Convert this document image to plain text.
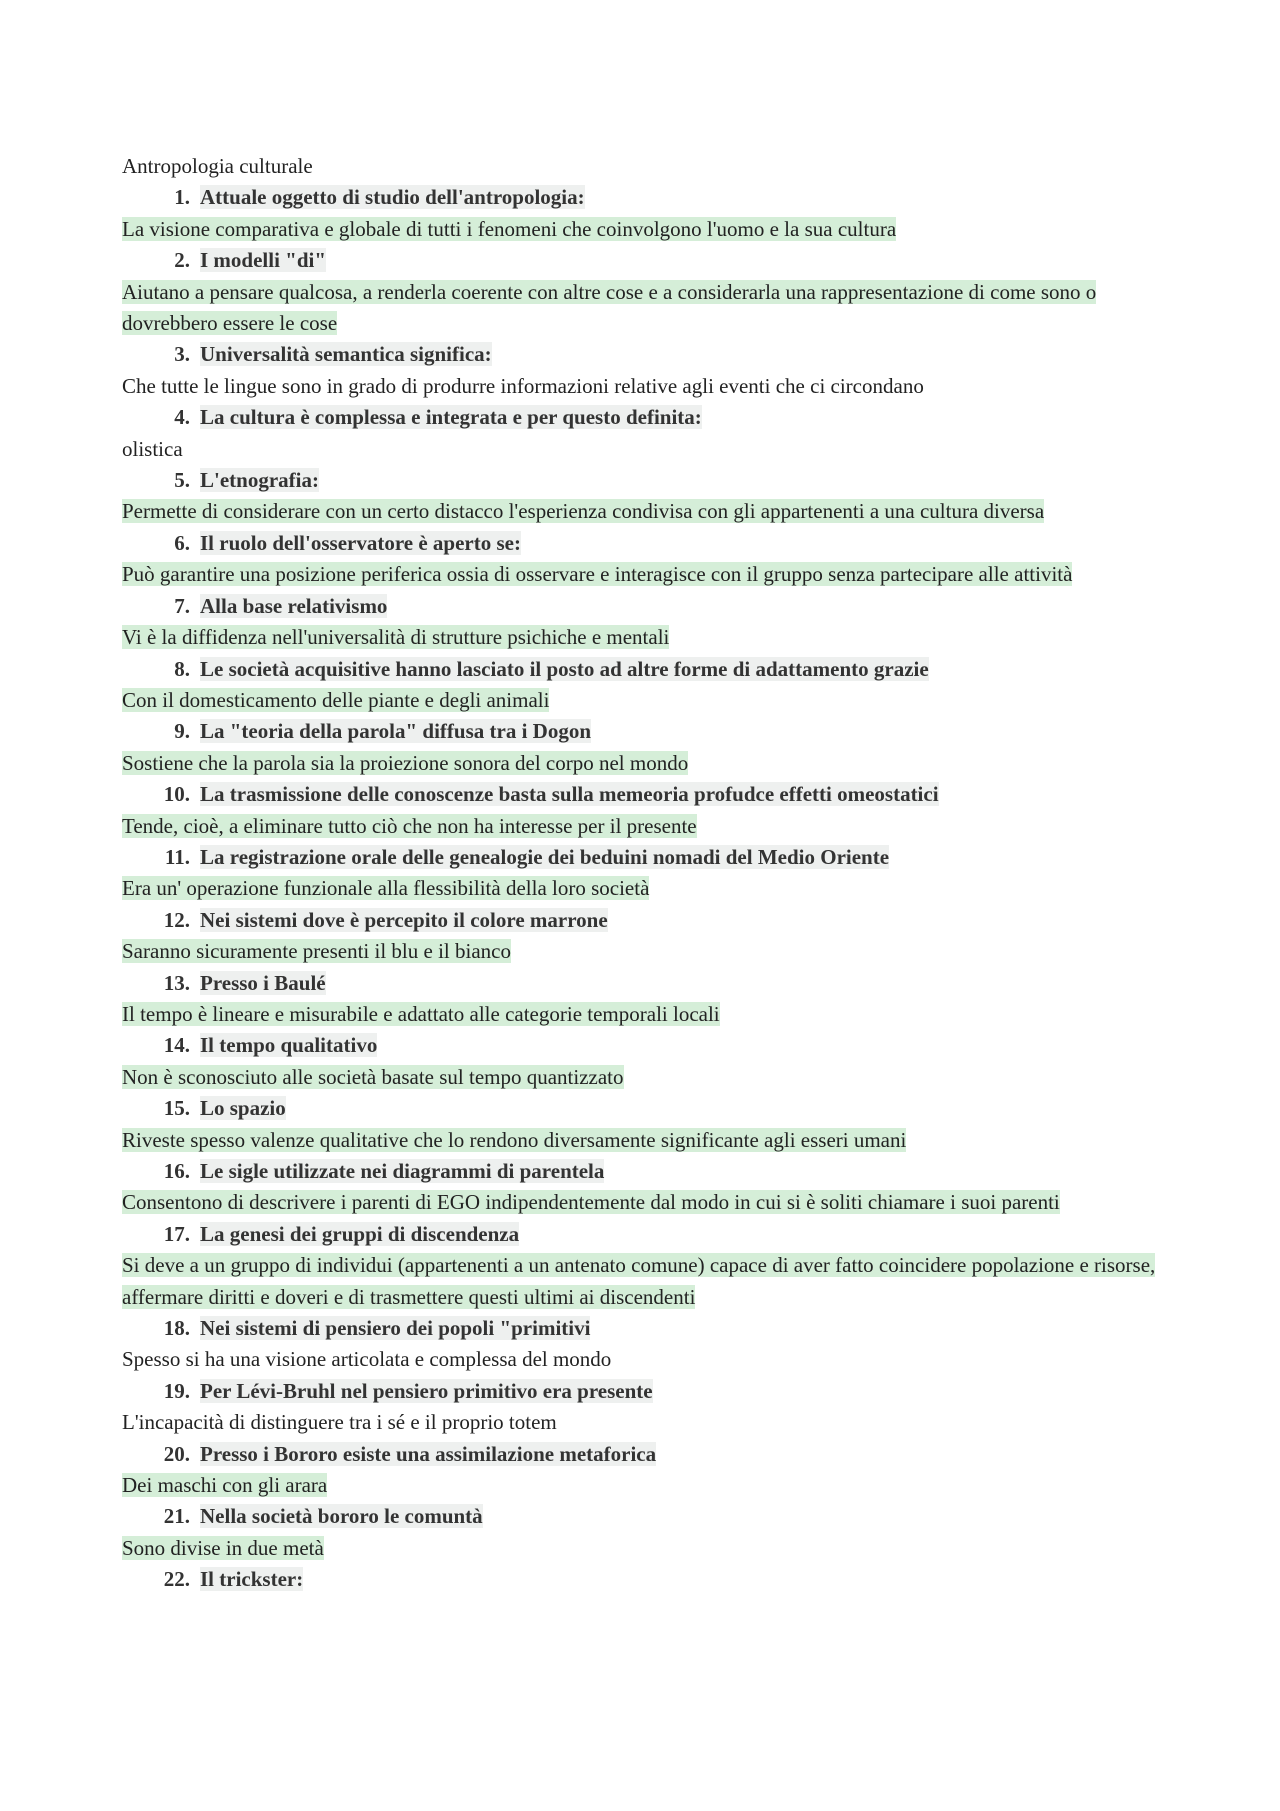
Antropologia culturale
1. Attuale oggetto di studio dell'antropologia:
La visione comparativa e globale di tutti i fenomeni che coinvolgono l'uomo e la sua cultura
2. I modelli "di"
Aiutano a pensare qualcosa, a renderla coerente con altre cose e a considerarla una rappresentazione di come sono o dovrebbero essere le cose
3. Universalità semantica significa:
Che tutte le lingue sono in grado di produrre informazioni relative agli eventi che ci circondano
4. La cultura è complessa e integrata e per questo definita:
olistica
5. L'etnografia:
Permette di considerare con un certo distacco l'esperienza condivisa con gli appartenenti a una cultura diversa
6. Il ruolo dell'osservatore è aperto se:
Può garantire una posizione periferica ossia di osservare e interagisce con il gruppo senza partecipare alle attività
7. Alla base relativismo
Vi è la diffidenza nell'universalità di strutture psichiche e mentali
8. Le società acquisitive hanno lasciato il posto ad altre forme di adattamento grazie
Con il domesticamento delle piante e degli animali
9. La "teoria della parola" diffusa tra i Dogon
Sostiene che la parola sia la proiezione sonora del corpo nel mondo
10. La trasmissione delle conoscenze basta sulla memeoria profudce effetti omeostatici
Tende, cioè, a eliminare tutto ciò che non ha interesse per il presente
11. La registrazione orale delle genealogie dei beduini nomadi del Medio Oriente
Era un' operazione funzionale alla flessibilità della loro società
12. Nei sistemi dove è percepito il colore marrone
Saranno sicuramente presenti il blu e il bianco
13. Presso i Baulé
Il tempo è lineare e misurabile e adattato alle categorie temporali locali
14. Il tempo qualitativo
Non è sconosciuto alle società basate sul tempo quantizzato
15. Lo spazio
Riveste spesso valenze qualitative che lo rendono diversamente significante agli esseri umani
16. Le sigle utilizzate nei diagrammi di parentela
Consentono di descrivere i parenti di EGO indipendentemente dal modo in cui si è soliti chiamare i suoi parenti
17. La genesi dei gruppi di discendenza
Si deve a un gruppo di individui (appartenenti a un antenato comune) capace di aver fatto coincidere popolazione e risorse, affermare diritti e doveri e di trasmettere questi ultimi ai discendenti
18. Nei sistemi di pensiero dei popoli "primitivi
Spesso si ha una visione articolata e complessa del mondo
19. Per Lévi-Bruhl nel pensiero primitivo era presente
L'incapacità di distinguere tra i sé e il proprio totem
20. Presso i Bororo esiste una assimilazione metaforica
Dei maschi con gli arara
21. Nella società bororo le comuntà
Sono divise in due metà
22. Il trickster:
